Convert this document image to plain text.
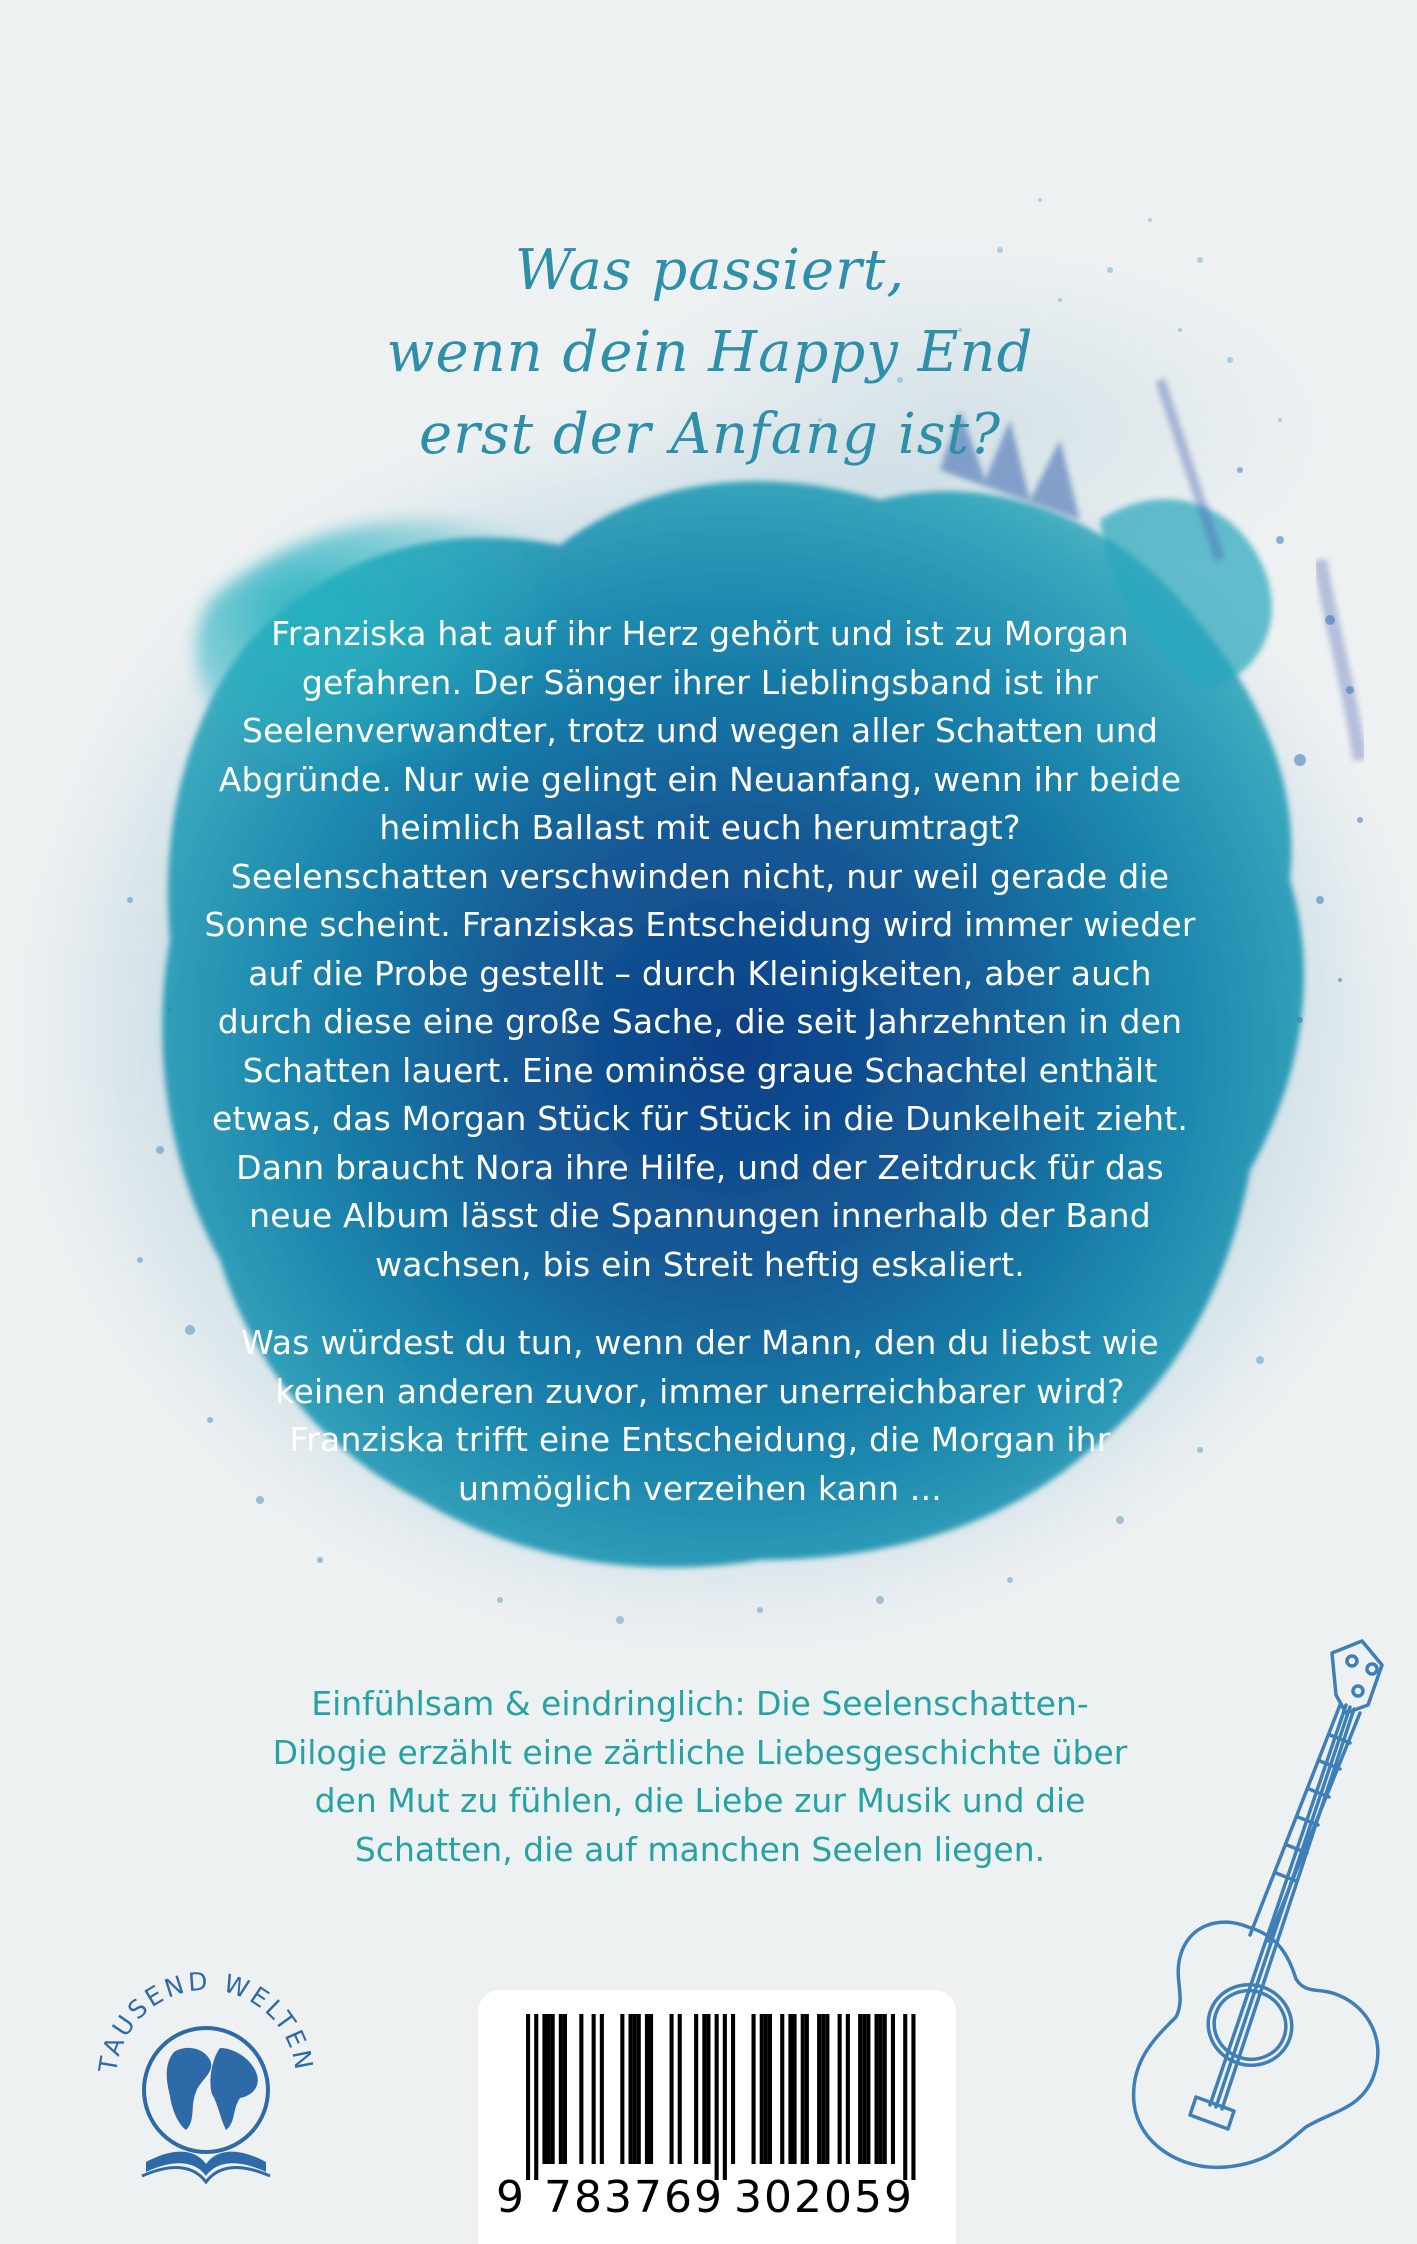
Was passiert,
wenn dein Happy End
erst der Anfang ist?

Franziska hat auf ihr Herz gehört und ist zu Morgan
gefahren. Der Sänger ihrer Lieblingsband ist ihr
Seelenverwandter, trotz und wegen aller Schatten und
Abgründe. Nur wie gelingt ein Neuanfang, wenn ihr beide
heimlich Ballast mit euch herumtragt?
Seelenschatten verschwinden nicht, nur weil gerade die
Sonne scheint. Franziskas Entscheidung wird immer wieder
auf die Probe gestellt – durch Kleinigkeiten, aber auch
durch diese eine große Sache, die seit Jahrzehnten in den
Schatten lauert. Eine ominöse graue Schachtel enthält
etwas, das Morgan Stück für Stück in die Dunkelheit zieht.
Dann braucht Nora ihre Hilfe, und der Zeitdruck für das
neue Album lässt die Spannungen innerhalb der Band
wachsen, bis ein Streit heftig eskaliert.

Was würdest du tun, wenn der Mann, den du liebst wie
keinen anderen zuvor, immer unerreichbarer wird?
Franziska trifft eine Entscheidung, die Morgan ihr
unmöglich verzeihen kann ...

Einfühlsam & eindringlich: Die Seelenschatten-
Dilogie erzählt eine zärtliche Liebesgeschichte über
den Mut zu fühlen, die Liebe zur Musik und die
Schatten, die auf manchen Seelen liegen.
TAUSEND WELTEN
9 7 8 3 7 6 9 3 0 2 0 5 9
